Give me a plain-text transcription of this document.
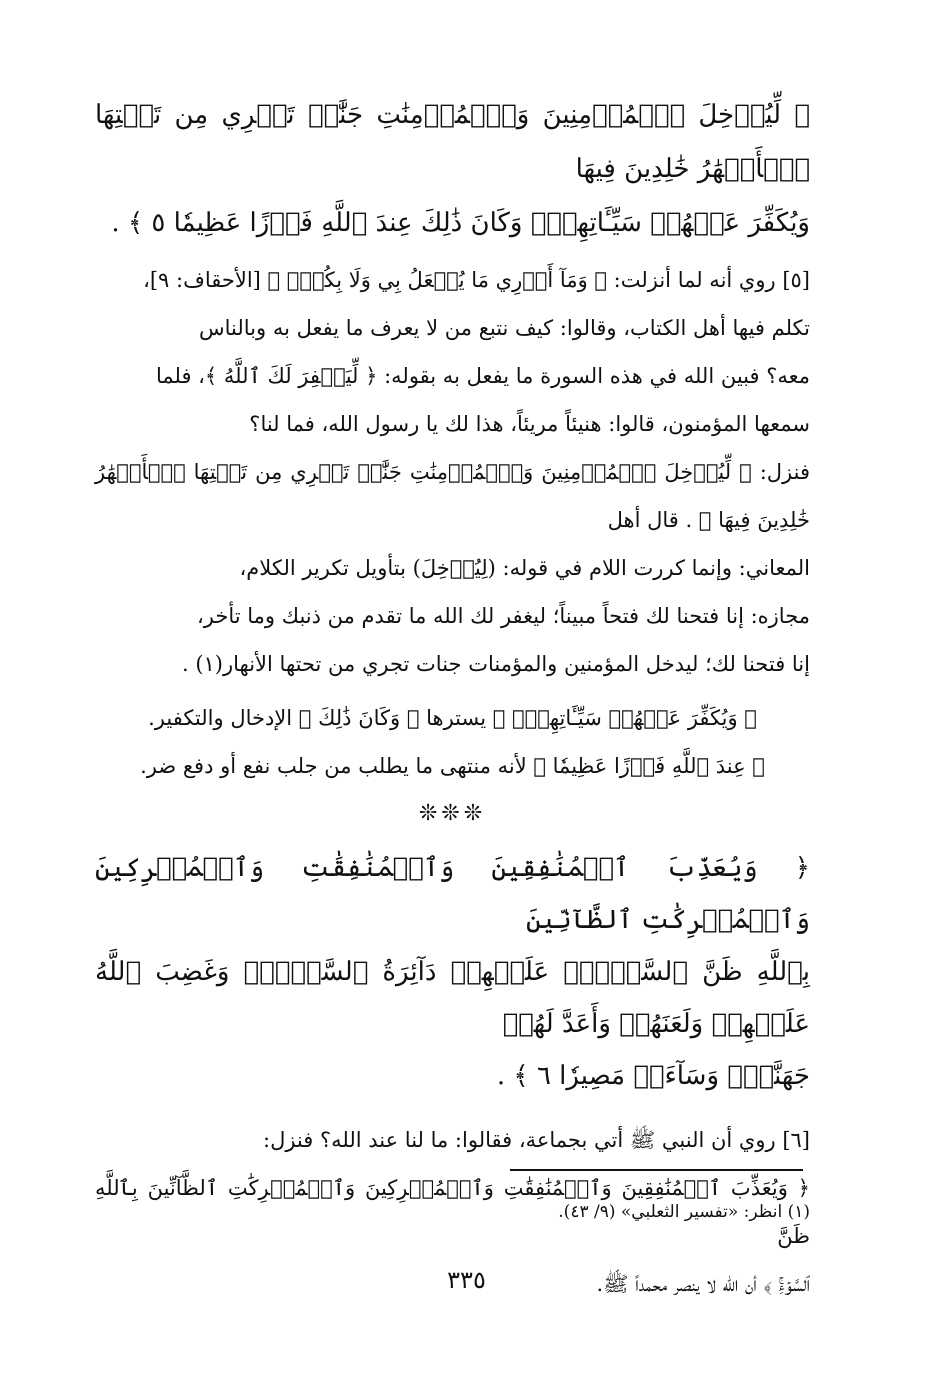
﴿ لِّيُدۡخِلَ ٱلۡمُؤۡمِنِينَ وَٱلۡمُؤۡمِنَٰتِ جَنَّٰتٖ تَجۡرِي مِن تَحۡتِهَا ٱلۡأَنۡهَٰرُ خَٰلِدِينَ فِيهَا
وَيُكَفِّرَ عَنۡهُمۡ سَيِّـَٔاتِهِمۡۚ وَكَانَ ذَٰلِكَ عِندَ ٱللَّهِ فَوۡزًا عَظِيمٗا ٥ ﴾ .
[٥] روي أنه لما أنزلت: ﴿ وَمَآ أَدۡرِي مَا يُفۡعَلُ بِي وَلَا بِكُمۡۖ ﴾ [الأحقاف: ٩]،
تكلم فيها أهل الكتاب، وقالوا: كيف نتبع من لا يعرف ما يفعل به وبالناس
معه؟ فبين الله في هذه السورة ما يفعل به بقوله: ﴿ لِّيَغۡفِرَ لَكَ ٱللَّهُ ﴾، فلما
سمعها المؤمنون، قالوا: هنيئاً مريئاً، هذا لك يا رسول الله، فما لنا؟
فنزل: ﴿ لِّيُدۡخِلَ ٱلۡمُؤۡمِنِينَ وَٱلۡمُؤۡمِنَٰتِ جَنَّٰتٖ تَجۡرِي مِن تَحۡتِهَا ٱلۡأَنۡهَٰرُ خَٰلِدِينَ فِيهَا ﴾ . قال أهل
المعاني: وإنما كررت اللام في قوله: (لِيُدۡخِلَ) بتأويل تكرير الكلام،
مجازه: إنا فتحنا لك فتحاً مبيناً؛ ليغفر لك الله ما تقدم من ذنبك وما تأخر،
إنا فتحنا لك؛ ليدخل المؤمنين والمؤمنات جنات تجري من تحتها الأنهار(١) .
﴿ وَيُكَفِّرَ عَنۡهُمۡ سَيِّـَٔاتِهِمۡۚ ﴾ يسترها ﴿ وَكَانَ ذَٰلِكَ ﴾ الإدخال والتكفير.
﴿ عِندَ ٱللَّهِ فَوۡزًا عَظِيمٗا ﴾ لأنه منتهى ما يطلب من جلب نفع أو دفع ضر.
❊❊❊
﴿ وَيُعَذِّبَ ٱلۡمُنَٰفِقِينَ وَٱلۡمُنَٰفِقَٰتِ وَٱلۡمُشۡرِكِينَ وَٱلۡمُشۡرِكَٰتِ ٱلظَّآنِّينَ
بِٱللَّهِ ظَنَّ ٱلسَّوۡءِۚ عَلَيۡهِمۡ دَآئِرَةُ ٱلسَّوۡءِۖ وَغَضِبَ ٱللَّهُ عَلَيۡهِمۡ وَلَعَنَهُمۡ وَأَعَدَّ لَهُمۡ
جَهَنَّمَۖ وَسَآءَتۡ مَصِيرٗا ٦ ﴾ .
[٦] روي أن النبي ﷺ أتي بجماعة، فقالوا: ما لنا عند الله؟ فنزل:
﴿ وَيُعَذِّبَ ٱلۡمُنَٰفِقِينَ وَٱلۡمُنَٰفِقَٰتِ وَٱلۡمُشۡرِكِينَ وَٱلۡمُشۡرِكَٰتِ ٱلظَّآنِّينَ بِٱللَّهِ ظَنَّ
ٱلسَّوۡءِۚ ﴾ أن الله لا ينصر محمداً ﷺ.
(١) انظر: «تفسير الثعلبي» (٩/ ٤٣).
٣٣٥
